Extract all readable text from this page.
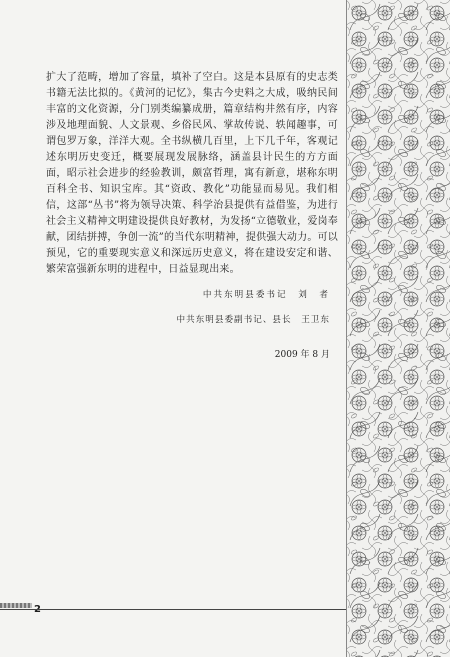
扩大了范畴，增加了容量，填补了空白。这是本县原有的史志类书籍无法比拟的。《黄河的记忆》，集古今史料之大成，吸纳民间丰富的文化资源，分门别类编纂成册，篇章结构井然有序，内容涉及地理面貌、人文景观、乡俗民风、掌故传说、轶闻趣事，可谓包罗万象，洋洋大观。全书纵横几百里，上下几千年，客观记述东明历史变迁，概要展现发展脉络，涵盖县计民生的方方面面，昭示社会进步的经验教训，颇富哲理，寓有新意，堪称东明百科全书、知识宝库。其“资政、教化”功能显而易见。我们相信，这部“丛书”将为领导决策、科学治县提供有益借鉴，为进行社会主义精神文明建设提供良好教材，为发扬“立德敬业，爱岗奉献，团结拼搏，争创一流”的当代东明精神，提供强大动力。可以预见，它的重要现实意义和深远历史意义，将在建设安定和谐、繁荣富强新东明的进程中，日益显现出来。

中共东明县委书记　刘　者
中共东明县委副书记、县长　王卫东
2009 年 8 月
